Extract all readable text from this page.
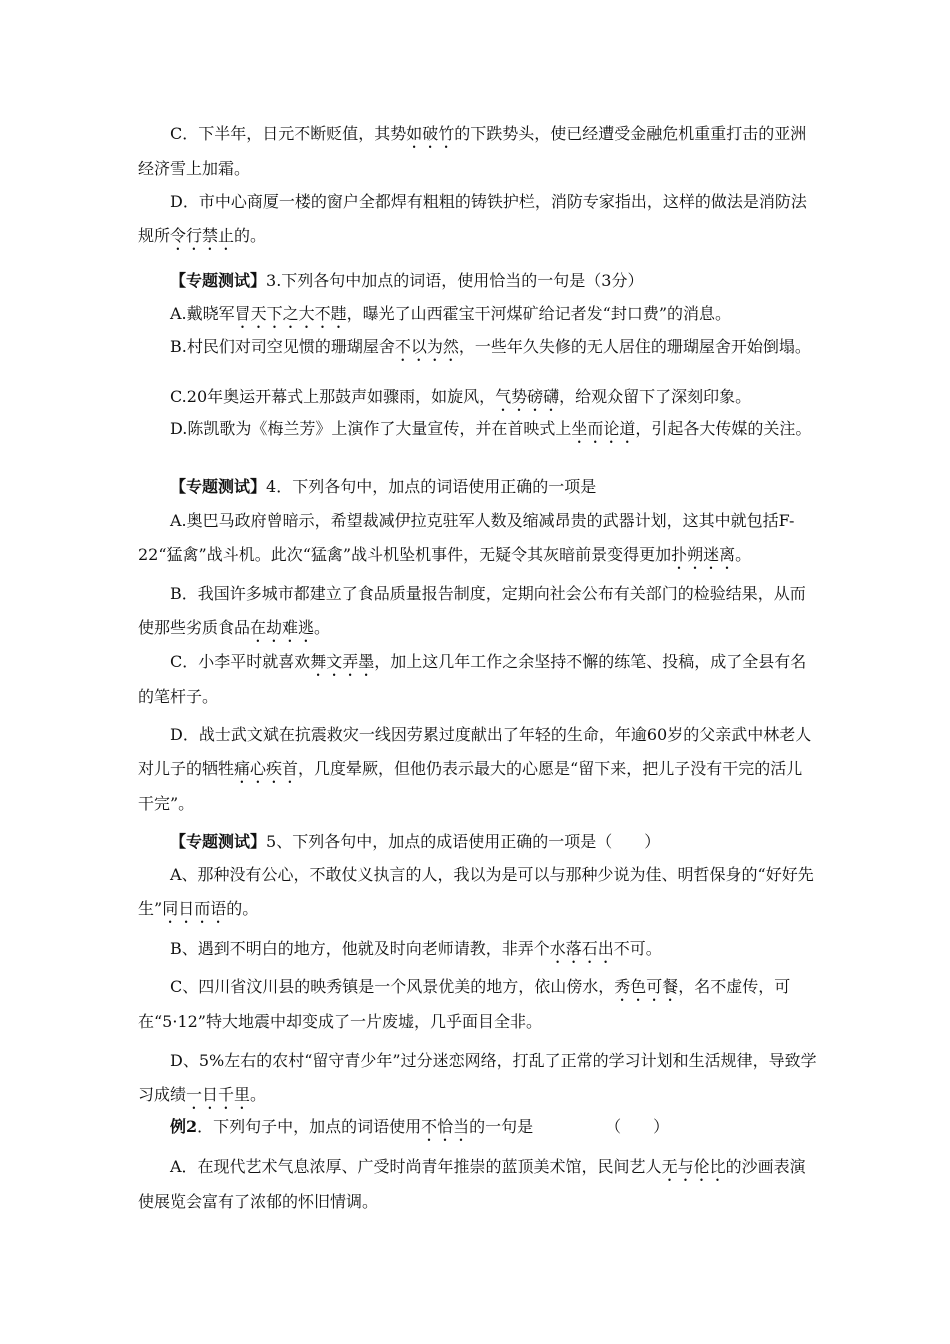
C．下半年，日元不断贬值，其势如破竹的下跌势头，使已经遭受金融危机重重打击的亚洲经济雪上加霜。

D．市中心商厦一楼的窗户全都焊有粗粗的铸铁护栏，消防专家指出，这样的做法是消防法规所令行禁止的。

【专题测试】3.下列各句中加点的词语，使用恰当的一句是（3分）

A.戴晓军冒天下之大不韪，曝光了山西霍宝干河煤矿给记者发“封口费”的消息。

B.村民们对司空见惯的珊瑚屋舍不以为然，一些年久失修的无人居住的珊瑚屋舍开始倒塌。

C.20年奥运开幕式上那鼓声如骤雨，如旋风，气势磅礴，给观众留下了深刻印象。

D.陈凯歌为《梅兰芳》上演作了大量宣传，并在首映式上坐而论道，引起各大传媒的关注。

【专题测试】4．下列各句中，加点的词语使用正确的一项是

A.奥巴马政府曾暗示，希望裁减伊拉克驻军人数及缩减昂贵的武器计划，这其中就包括F-22“猛禽”战斗机。此次“猛禽”战斗机坠机事件，无疑令其灰暗前景变得更加扑朔迷离。

B．我国许多城市都建立了食品质量报告制度，定期向社会公布有关部门的检验结果，从而使那些劣质食品在劫难逃。

C．小李平时就喜欢舞文弄墨，加上这几年工作之余坚持不懈的练笔、投稿，成了全县有名的笔杆子。

D．战士武文斌在抗震救灾一线因劳累过度献出了年轻的生命，年逾60岁的父亲武中林老人对儿子的牺牲痛心疾首，几度晕厥，但他仍表示最大的心愿是“留下来，把儿子没有干完的活儿干完”。

【专题测试】5、下列各句中，加点的成语使用正确的一项是（　　）

A、那种没有公心，不敢仗义执言的人，我以为是可以与那种少说为佳、明哲保身的“好好先生”同日而语的。

B、遇到不明白的地方，他就及时向老师请教，非弄个水落石出不可。

C、四川省汶川县的映秀镇是一个风景优美的地方，依山傍水，秀色可餐，名不虚传，可在“5·12”特大地震中却变成了一片废墟，几乎面目全非。

D、5%左右的农村“留守青少年”过分迷恋网络，打乱了正常的学习计划和生活规律，导致学习成绩一日千里。

例2．下列句子中，加点的词语使用不恰当的一句是　　　　　（　　）

A．在现代艺术气息浓厚、广受时尚青年推崇的蓝顶美术馆，民间艺人无与伦比的沙画表演使展览会富有了浓郁的怀旧情调。
